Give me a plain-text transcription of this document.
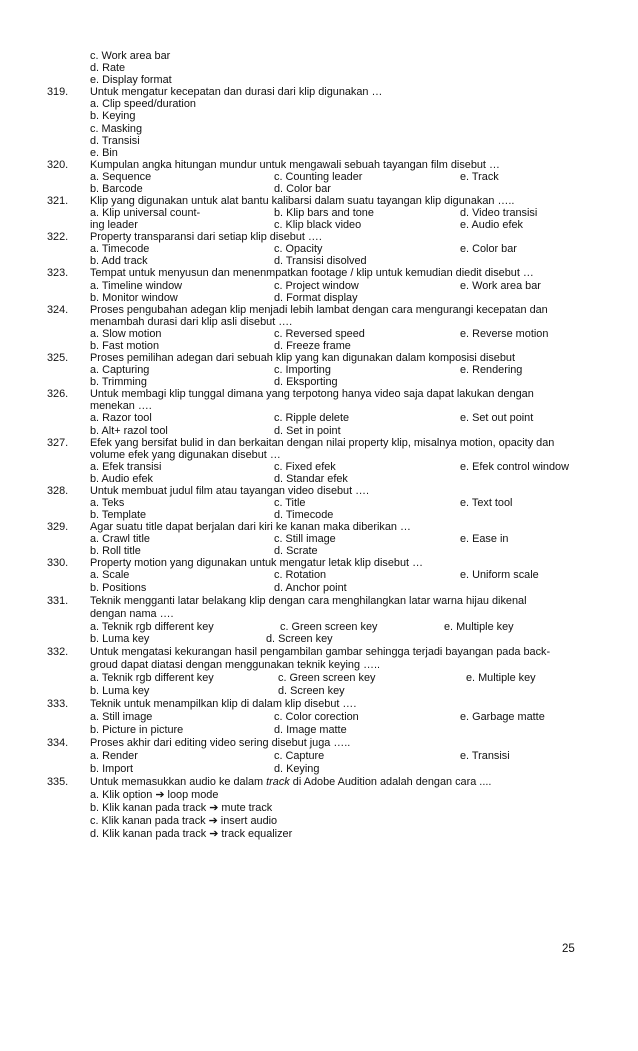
c. Work area bar
d. Rate
e. Display format
319. Untuk mengatur kecepatan dan durasi dari klip digunakan …
a. Clip speed/duration
b. Keying
c. Masking
d. Transisi
e. Bin
320. Kumpulan angka hitungan mundur untuk mengawali sebuah tayangan film disebut …
a. Sequence	c. Counting leader	e. Track
b. Barcode	d. Color bar
321. Klip yang digunakan untuk alat bantu kalibarsi dalam suatu tayangan klip digunakan …..
a. Klip universal count-	b. Klip bars and tone	d. Video transisi
ing leader	c. Klip black video	e. Audio efek
322. Property transparansi dari setiap klip disebut ….
a. Timecode	c. Opacity	e. Color bar
b. Add track	d. Transisi disolved
323. Tempat untuk menyusun dan menenmpatkan footage / klip untuk kemudian diedit disebut …
a. Timeline window	c. Project window	e. Work area bar
b. Monitor window	d. Format display
324. Proses pengubahan adegan klip menjadi lebih lambat dengan cara mengurangi kecepatan dan
menambah durasi dari klip asli disebut ….
a. Slow motion	c. Reversed speed	e. Reverse motion
b. Fast motion	d. Freeze frame
325. Proses pemilihan adegan dari sebuah klip yang kan digunakan dalam komposisi disebut
a. Capturing	c. Importing	e. Rendering
b. Trimming	d. Eksporting
326. Untuk membagi klip tunggal dimana yang terpotong hanya video saja dapat lakukan dengan
menekan ….
a. Razor tool	c. Ripple delete	e. Set out point
b. Alt+ razol tool	d. Set in point
327. Efek yang bersifat bulid in dan berkaitan dengan nilai property klip, misalnya motion, opacity dan
volume efek yang digunakan disebut …
a. Efek transisi	c. Fixed efek	e. Efek control window
b. Audio efek	d. Standar efek
328. Untuk membuat judul film atau tayangan video disebut ….
a. Teks	c. Title	e. Text tool
b. Template	d. Timecode
329. Agar suatu title dapat berjalan dari kiri ke kanan maka diberikan …
a. Crawl title	c. Still image	e. Ease in
b. Roll title	d. Scrate
330. Property motion yang digunakan untuk mengatur letak klip disebut …
a. Scale	c. Rotation	e. Uniform scale
b. Positions	d. Anchor point
331. Teknik mengganti latar belakang klip dengan cara menghilangkan latar warna hijau dikenal
dengan nama ….
a. Teknik rgb different key	c. Green screen key	e. Multiple key
b. Luma key	d. Screen key
332. Untuk mengatasi kekurangan hasil pengambilan gambar sehingga terjadi bayangan pada back-
groud dapat diatasi dengan menggunakan teknik keying …..
a. Teknik rgb different key	c. Green screen key	e. Multiple key
b. Luma key	d. Screen key
333. Teknik untuk menampilkan klip di dalam klip disebut ….
a. Still image	c. Color corection	e. Garbage matte
b. Picture in picture	d. Image matte
334. Proses akhir dari editing video sering disebut juga …..
a. Render	c. Capture	e. Transisi
b. Import	d. Keying
335. Untuk memasukkan audio ke dalam track di Adobe Audition adalah dengan cara ....
a. Klik option ➔ loop mode
b. Klik kanan pada track ➔ mute track
c. Klik kanan pada track ➔ insert audio
d. Klik kanan pada track ➔ track equalizer
25
